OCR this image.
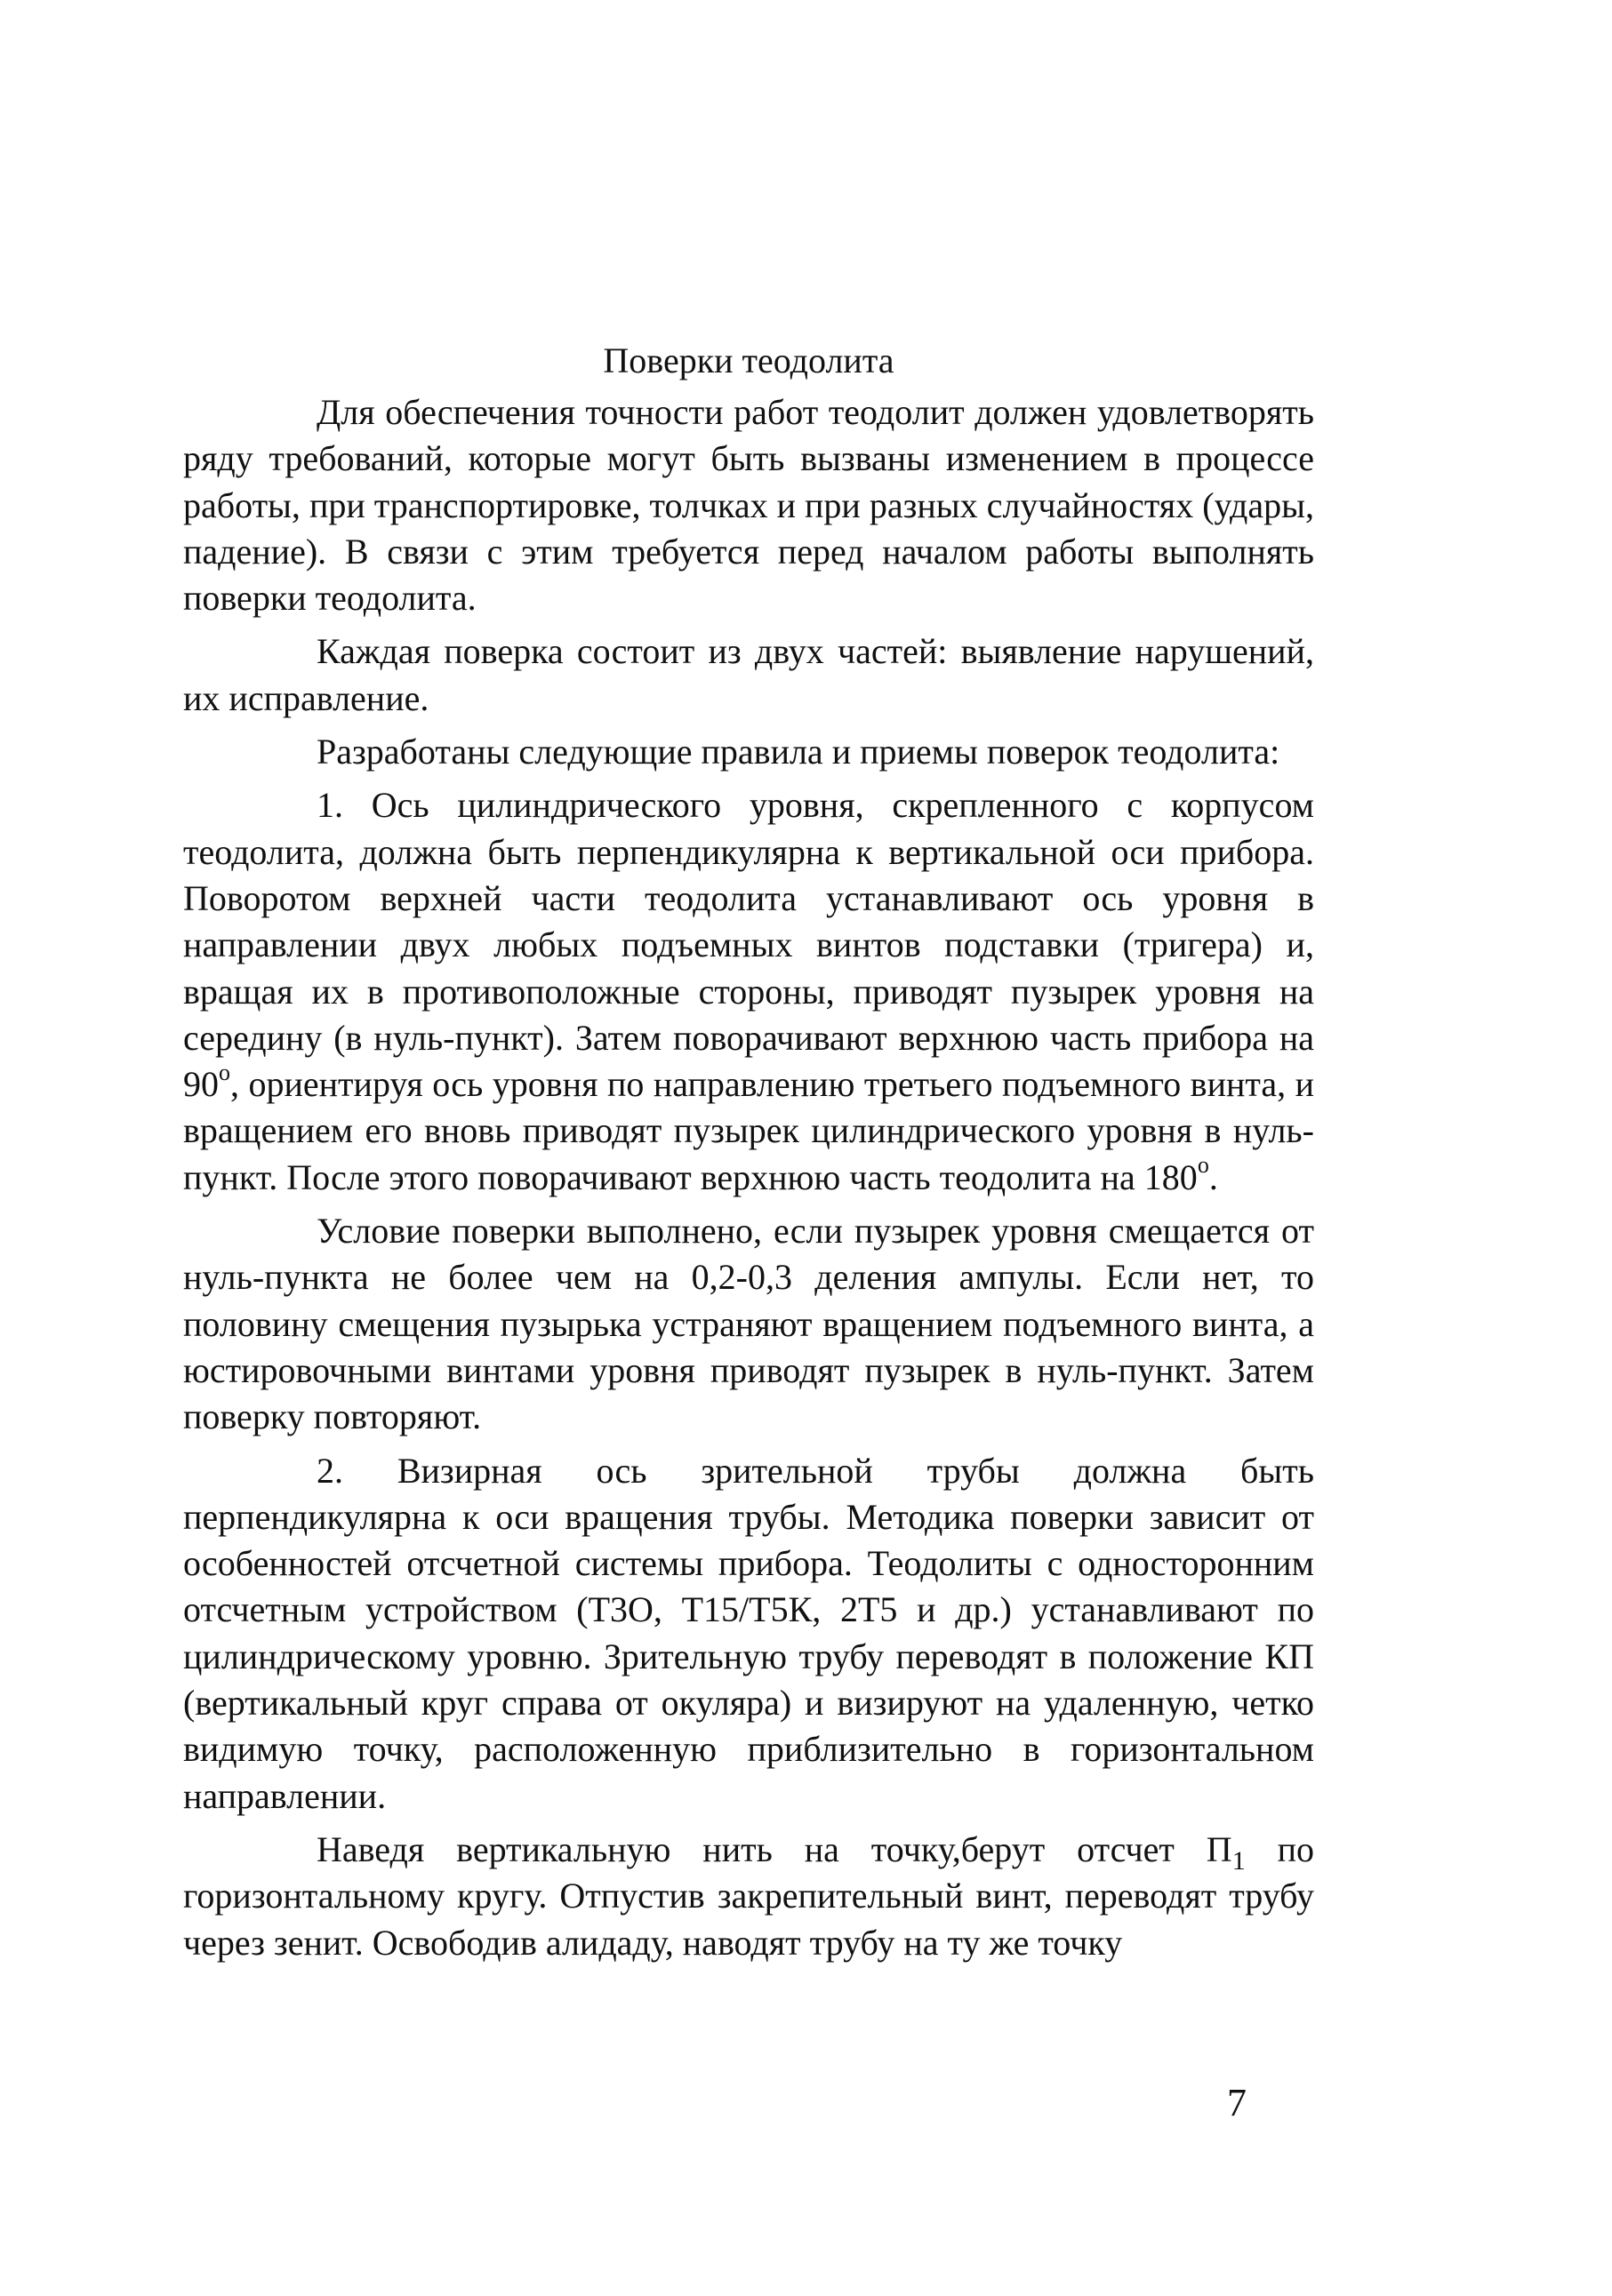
Поверки теодолита

Для обеспечения точности работ теодолит должен удовлетворять ряду требований, которые могут быть вызваны изменением в процессе работы, при транспортировке, толчках и при разных случайностях (удары, падение). В связи с этим требуется перед началом работы выполнять поверки теодолита.

Каждая поверка состоит из двух частей: выявление нарушений, их исправление.

Разработаны следующие правила и приемы поверок теодолита:

1. Ось цилиндрического уровня, скрепленного с корпусом теодолита, должна быть перпендикулярна к вертикальной оси прибора. Поворотом верхней части теодолита устанавливают ось уровня в направлении двух любых подъемных винтов подставки (тригера) и, вращая их в противоположные стороны, приводят пузырек уровня на середину (в нуль-пункт). Затем поворачивают верхнюю часть прибора на $90^о$, ориентируя ось уровня по направлению третьего подъемного винта, и вращением его вновь приводят пузырек цилиндрического уровня в нуль-пункт. После этого поворачивают верхнюю часть теодолита на $180^о$.

Условие поверки выполнено, если пузырек уровня смещается от нуль-пункта не более чем на 0,2-0,3 деления ампулы. Если нет, то половину смещения пузырька устраняют вращением подъемного винта, а юстировочными винтами уровня приводят пузырек в нуль-пункт. Затем поверку повторяют.

2. Визирная ось зрительной трубы должна быть перпендикулярна к оси вращения трубы. Методика поверки зависит от особенностей отсчетной системы прибора. Теодолиты с односторонним отсчетным устройством (Т3О, Т15/Т5К, 2Т5 и др.) устанавливают по цилиндрическому уровню. Зрительную трубу переводят в положение КП (вертикальный круг справа от окуляра) и визируют на удаленную, четко видимую точку, расположенную приблизительно в горизонтальном направлении.

Наведя вертикальную нить на точку,берут отсчет $П_1$ по горизонтальному кругу. Отпустив закрепительный винт, переводят трубу через зенит. Освободив алидаду, наводят трубу на ту же точку

7
